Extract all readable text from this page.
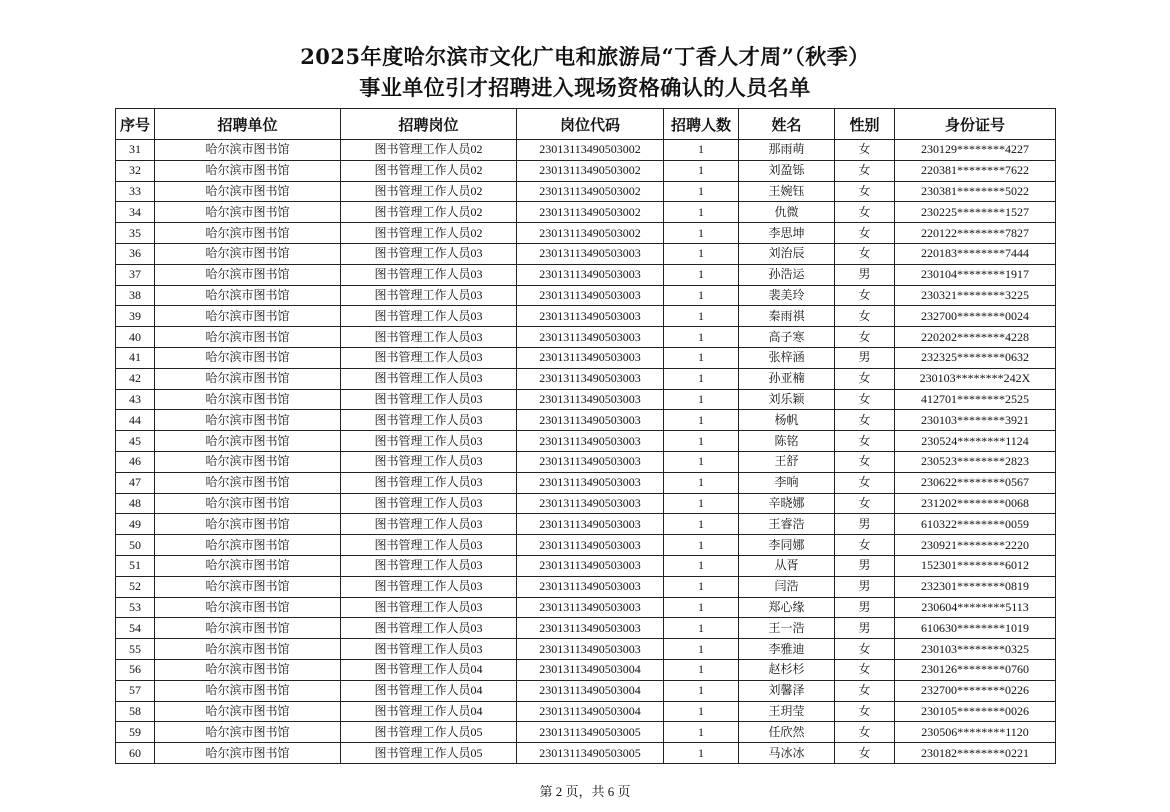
2025年度哈尔滨市文化广电和旅游局“丁香人才周”（秋季）
事业单位引才招聘进入现场资格确认的人员名单
序号	招聘单位	招聘岗位	岗位代码	招聘人数	姓名	性别	身份证号
31	哈尔滨市图书馆	图书管理工作人员02	23013113490503002	1	那雨萌	女	230129********4227
32	哈尔滨市图书馆	图书管理工作人员02	23013113490503002	1	刘盈铄	女	220381********7622
33	哈尔滨市图书馆	图书管理工作人员02	23013113490503002	1	王婉钰	女	230381********5022
34	哈尔滨市图书馆	图书管理工作人员02	23013113490503002	1	仇微	女	230225********1527
35	哈尔滨市图书馆	图书管理工作人员02	23013113490503002	1	李思坤	女	220122********7827
36	哈尔滨市图书馆	图书管理工作人员03	23013113490503003	1	刘治辰	女	220183********7444
37	哈尔滨市图书馆	图书管理工作人员03	23013113490503003	1	孙浩运	男	230104********1917
38	哈尔滨市图书馆	图书管理工作人员03	23013113490503003	1	裴美玲	女	230321********3225
39	哈尔滨市图书馆	图书管理工作人员03	23013113490503003	1	秦雨祺	女	232700********0024
40	哈尔滨市图书馆	图书管理工作人员03	23013113490503003	1	高子寒	女	220202********4228
41	哈尔滨市图书馆	图书管理工作人员03	23013113490503003	1	张梓涵	男	232325********0632
42	哈尔滨市图书馆	图书管理工作人员03	23013113490503003	1	孙亚楠	女	230103********242X
43	哈尔滨市图书馆	图书管理工作人员03	23013113490503003	1	刘乐颖	女	412701********2525
44	哈尔滨市图书馆	图书管理工作人员03	23013113490503003	1	杨帆	女	230103********3921
45	哈尔滨市图书馆	图书管理工作人员03	23013113490503003	1	陈铭	女	230524********1124
46	哈尔滨市图书馆	图书管理工作人员03	23013113490503003	1	王舒	女	230523********2823
47	哈尔滨市图书馆	图书管理工作人员03	23013113490503003	1	李响	女	230622********0567
48	哈尔滨市图书馆	图书管理工作人员03	23013113490503003	1	辛晓娜	女	231202********0068
49	哈尔滨市图书馆	图书管理工作人员03	23013113490503003	1	王睿浩	男	610322********0059
50	哈尔滨市图书馆	图书管理工作人员03	23013113490503003	1	李同娜	女	230921********2220
51	哈尔滨市图书馆	图书管理工作人员03	23013113490503003	1	从胥	男	152301********6012
52	哈尔滨市图书馆	图书管理工作人员03	23013113490503003	1	闫浩	男	232301********0819
53	哈尔滨市图书馆	图书管理工作人员03	23013113490503003	1	郑心缘	男	230604********5113
54	哈尔滨市图书馆	图书管理工作人员03	23013113490503003	1	王一浩	男	610630********1019
55	哈尔滨市图书馆	图书管理工作人员03	23013113490503003	1	李雅迪	女	230103********0325
56	哈尔滨市图书馆	图书管理工作人员04	23013113490503004	1	赵杉杉	女	230126********0760
57	哈尔滨市图书馆	图书管理工作人员04	23013113490503004	1	刘馨泽	女	232700********0226
58	哈尔滨市图书馆	图书管理工作人员04	23013113490503004	1	王玥莹	女	230105********0026
59	哈尔滨市图书馆	图书管理工作人员05	23013113490503005	1	任欣然	女	230506********1120
60	哈尔滨市图书馆	图书管理工作人员05	23013113490503005	1	马冰冰	女	230182********0221
第 2 页，共 6 页
